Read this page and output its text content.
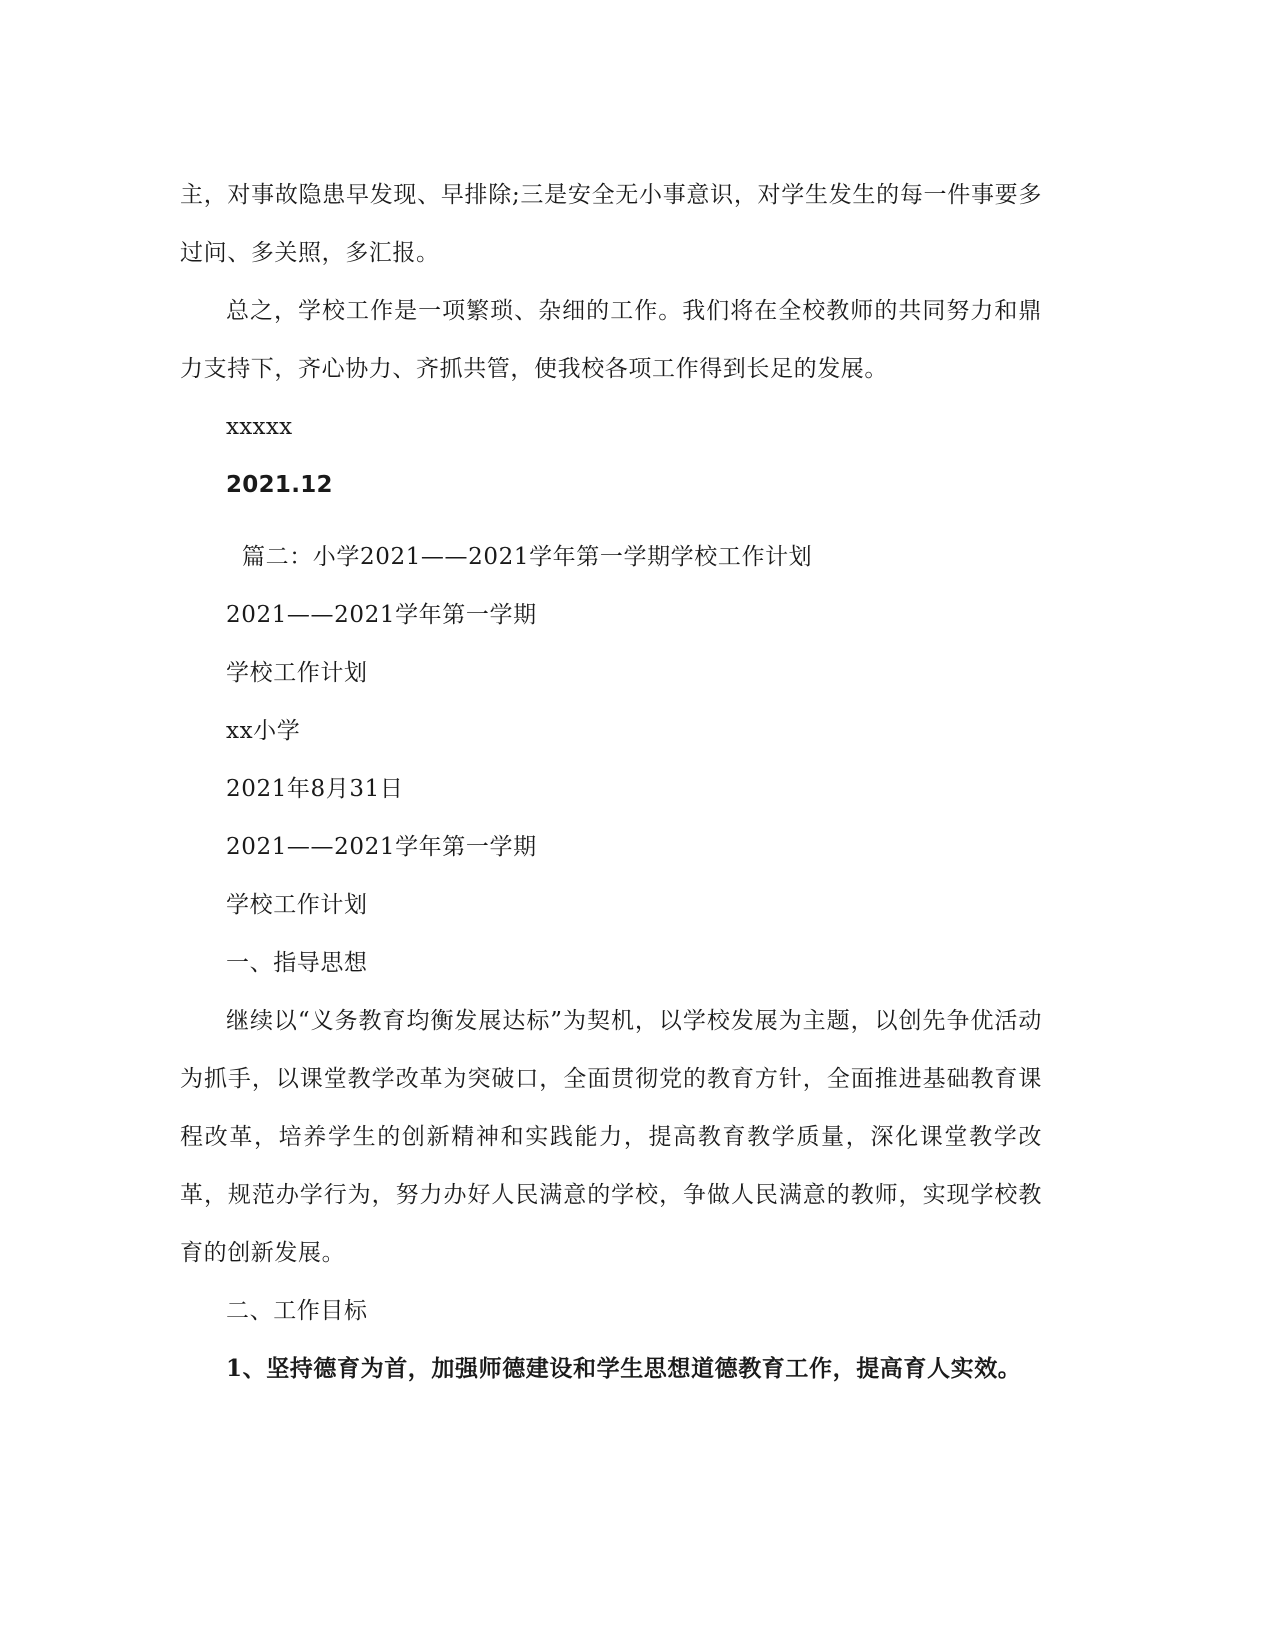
主，对事故隐患早发现、早排除;三是安全无小事意识，对学生发生的每一件事要多过问、多关照，多汇报。

总之，学校工作是一项繁琐、杂细的工作。我们将在全校教师的共同努力和鼎力支持下，齐心协力、齐抓共管，使我校各项工作得到长足的发展。

xxxxx

2021.12

篇二：小学2021——2021学年第一学期学校工作计划

2021——2021学年第一学期

学校工作计划

xx小学

2021年8月31日

2021——2021学年第一学期

学校工作计划

一、指导思想

继续以“义务教育均衡发展达标”为契机，以学校发展为主题，以创先争优活动为抓手，以课堂教学改革为突破口，全面贯彻党的教育方针，全面推进基础教育课程改革，培养学生的创新精神和实践能力，提高教育教学质量，深化课堂教学改革，规范办学行为，努力办好人民满意的学校，争做人民满意的教师，实现学校教育的创新发展。

二、工作目标

1、坚持德育为首，加强师德建设和学生思想道德教育工作，提高育人实效。
